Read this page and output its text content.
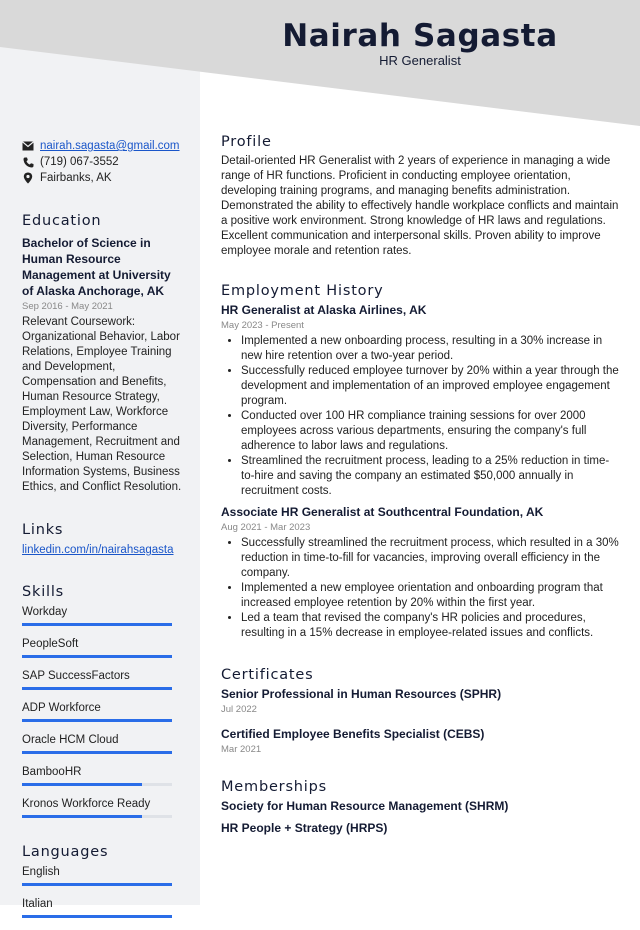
Nairah Sagasta
HR Generalist
nairah.sagasta@gmail.com
(719) 067-3552
Fairbanks, AK
Education
Bachelor of Science in Human Resource Management at University of Alaska Anchorage, AK
Sep 2016 - May 2021
Relevant Coursework: Organizational Behavior, Labor Relations, Employee Training and Development, Compensation and Benefits, Human Resource Strategy, Employment Law, Workforce Diversity, Performance Management, Recruitment and Selection, Human Resource Information Systems, Business Ethics, and Conflict Resolution.
Links
linkedin.com/in/nairahsagasta
Skills
Workday
PeopleSoft
SAP SuccessFactors
ADP Workforce
Oracle HCM Cloud
BambooHR
Kronos Workforce Ready
Languages
English
Italian
Profile
Detail-oriented HR Generalist with 2 years of experience in managing a wide range of HR functions. Proficient in conducting employee orientation, developing training programs, and managing benefits administration. Demonstrated the ability to effectively handle workplace conflicts and maintain a positive work environment. Strong knowledge of HR laws and regulations. Excellent communication and interpersonal skills. Proven ability to improve employee morale and retention rates.
Employment History
HR Generalist at Alaska Airlines, AK
May 2023 - Present
• Implemented a new onboarding process, resulting in a 30% increase in new hire retention over a two-year period.
• Successfully reduced employee turnover by 20% within a year through the development and implementation of an improved employee engagement program.
• Conducted over 100 HR compliance training sessions for over 2000 employees across various departments, ensuring the company's full adherence to labor laws and regulations.
• Streamlined the recruitment process, leading to a 25% reduction in time-to-hire and saving the company an estimated $50,000 annually in recruitment costs.
Associate HR Generalist at Southcentral Foundation, AK
Aug 2021 - Mar 2023
• Successfully streamlined the recruitment process, which resulted in a 30% reduction in time-to-fill for vacancies, improving overall efficiency in the company.
• Implemented a new employee orientation and onboarding program that increased employee retention by 20% within the first year.
• Led a team that revised the company's HR policies and procedures, resulting in a 15% decrease in employee-related issues and conflicts.
Certificates
Senior Professional in Human Resources (SPHR)
Jul 2022
Certified Employee Benefits Specialist (CEBS)
Mar 2021
Memberships
Society for Human Resource Management (SHRM)
HR People + Strategy (HRPS)
